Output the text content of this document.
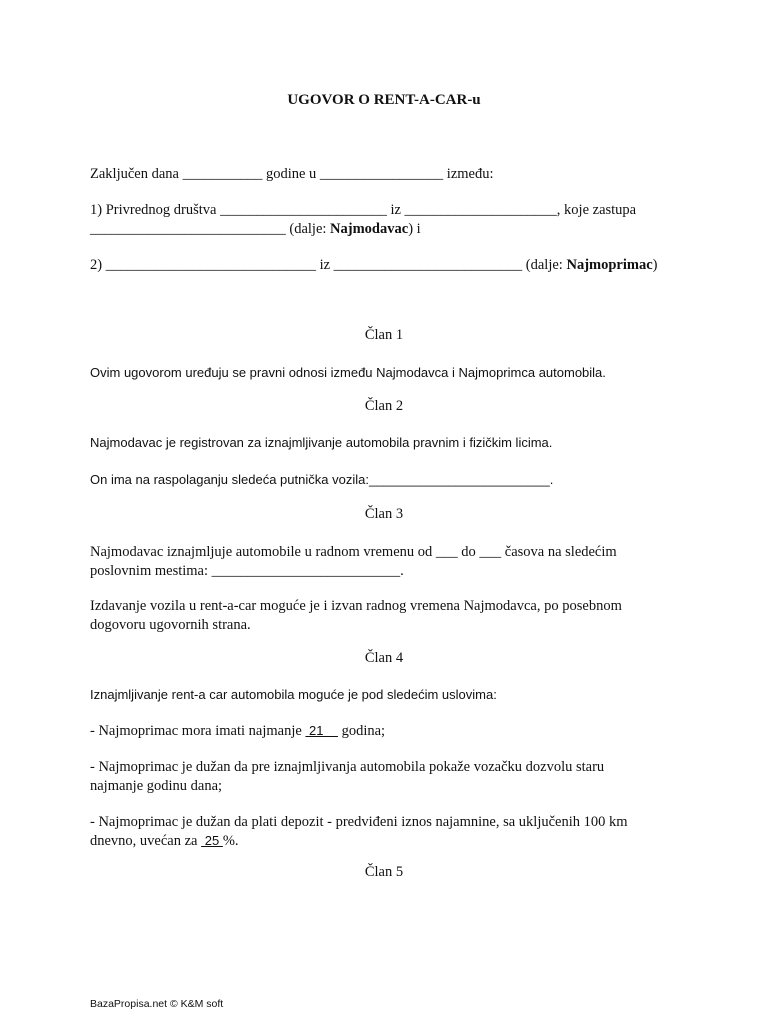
UGOVOR O RENT-A-CAR-u
Zaključen dana ___________ godine u _________________ između:
1) Privrednog društva _______________________ iz _____________________, koje zastupa
___________________________ (dalje: Najmodavac) i
2) _____________________________ iz __________________________ (dalje: Najmoprimac)
Član 1
Ovim ugovorom uređuju se pravni odnosi između Najmodavca i Najmoprimca automobila.
Član 2
Najmodavac je registrovan za iznajmljivanje automobila pravnim i fizičkim licima.
On ima na raspolaganju sledeća putnička vozila:_________________________.
Član 3
Najmodavac iznajmljuje automobile u radnom vremenu od ___ do ___ časova na sledećim
poslovnim mestima: __________________________.
Izdavanje vozila u rent-a-car moguće je i izvan radnog vremena Najmodavca, po posebnom
dogovoru ugovornih strana.
Član 4
Iznajmljivanje rent-a car automobila moguće je pod sledećim uslovima:
- Najmoprimac mora imati najmanje  21     godina;
- Najmoprimac je dužan da pre iznajmljivanja automobila pokaže vozačku dozvolu staru
najmanje godinu dana;
- Najmoprimac je dužan da plati depozit - predviđeni iznos najamnine, sa uključenih 100 km
dnevno, uvećan za  25 %.
Član 5
BazaPropisa.net © K&M soft
